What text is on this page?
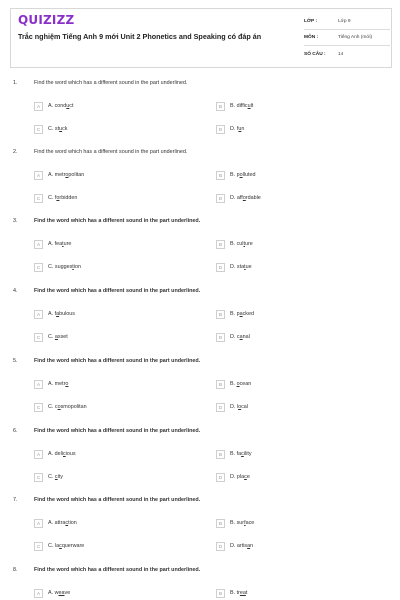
QUIZIZZ
Trắc nghiệm Tiếng Anh 9 mới Unit 2 Phonetics and Speaking có đáp án
LỚP :	Lớp 9
MÔN :	Tiếng Anh (mới)
SỐ CÂU :	14
1.	Find the word which has a different sound in the part underlined.
A	A. conduct	B	B. difficult
C	C. stuck	D	D. fun
2.	Find the word which has a different sound in the part underlined.
A	A. metropolitan	B	B. polluted
C	C. forbidden	D	D. affordable
3.	Find the word which has a different sound in the part underlined.
A	A. feature	B	B. culture
C	C. suggestion	D	D. statue
4.	Find the word which has a different sound in the part underlined.
A	A. fabulous	B	B. packed
C	C. asset	D	D. canal
5.	Find the word which has a different sound in the part underlined.
A	A. metro	B	B. ocean
C	C. cosmopolitan	D	D. local
6.	Find the word which has a different sound in the part underlined.
A	A. delicious	B	B. facility
C	C. city	D	D. place
7.	Find the word which has a different sound in the part underlined.
A	A. attraction	B	B. surface
C	C. lacquerware	D	D. artisan
8.	Find the word which has a different sound in the part underlined.
A	A. weave	B	B. treat
